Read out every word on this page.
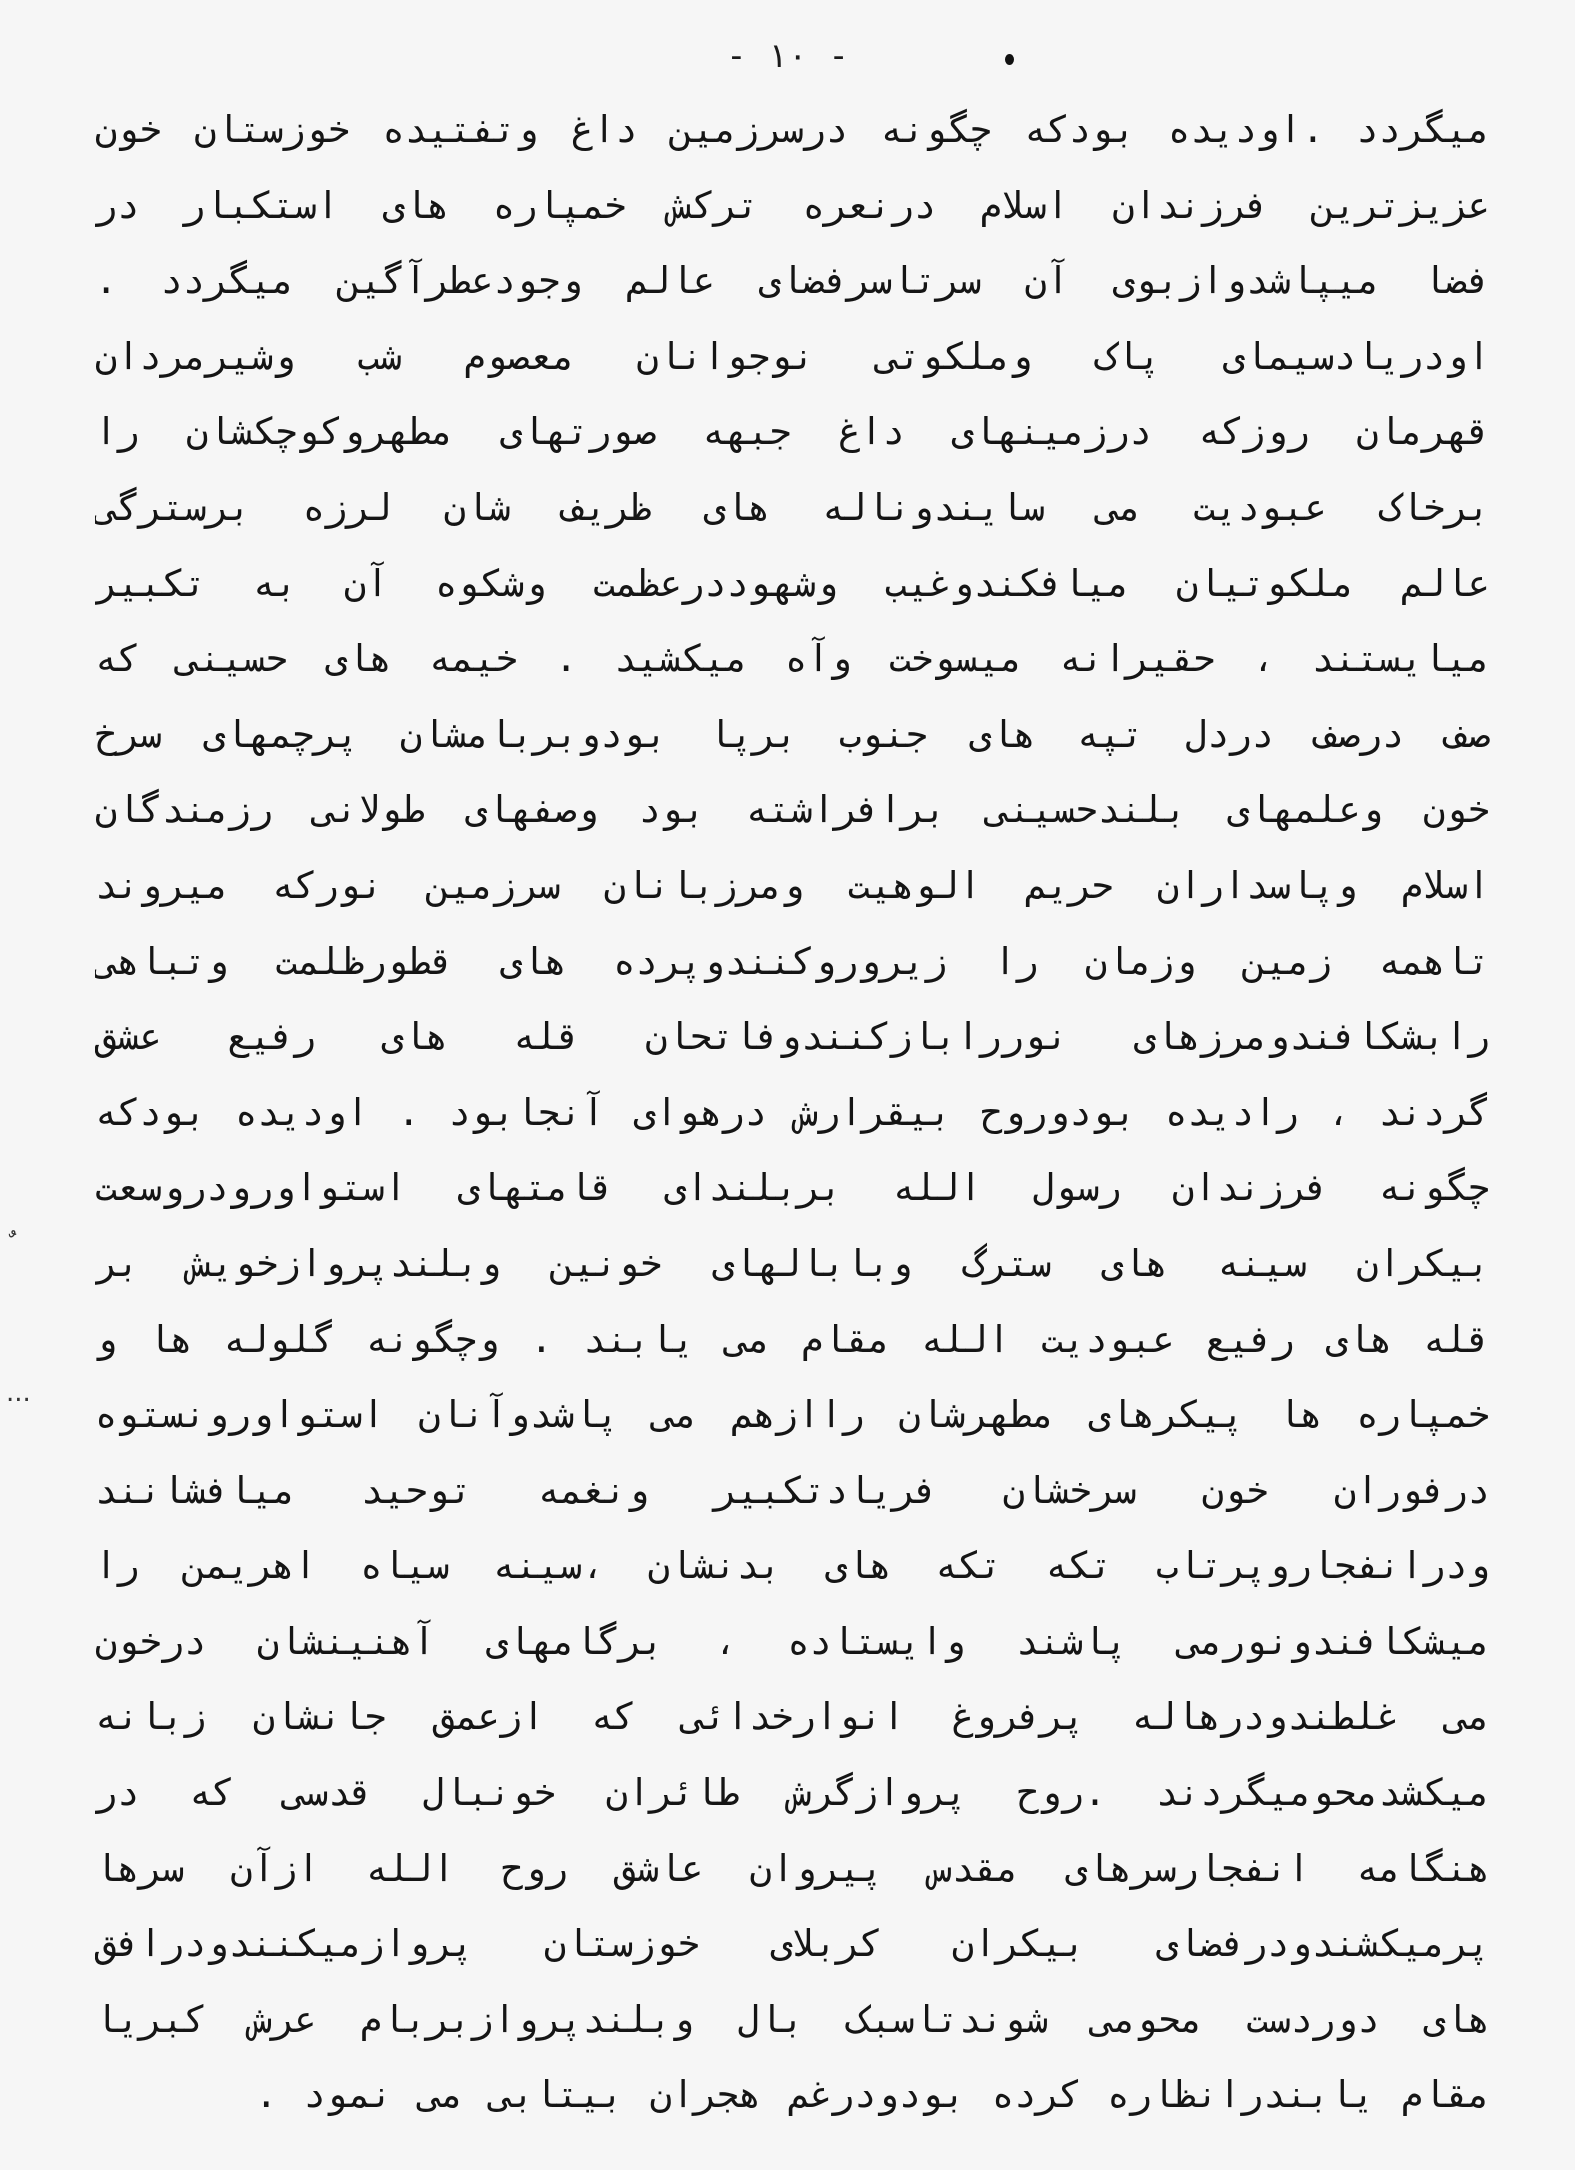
- ۱۰ -
...
میگردد .اودیده بودکه چگونه درسرزمین داغ وتفتیده خوزستان خون
عزیزترین فرزندان اسلام درنعره ترکش خمپاره های استکبار در
فضا میپاشدوازبوی آن سرتاسرفضای عالم وجودعطرآگین میگردد .
اودریادسیمای پاک وملکوتی نوجوانان معصوم شب وشیرمردان
قهرمان روزکه درزمینهای داغ جبهه صورتهای مطهروکوچکشان را
برخاک عبودیت می سایندوناله های ظریف شان لرزه برسترگی
عالم ملکوتیان میافکندوغیب وشهوددرعظمت وشکوه آن به تکبیر
میایستند ، حقیرانه میسوخت وآه میکشید . خیمه های حسینی که
صف درصف دردل تپه های جنوب برپا بودوبربامشان پرچمهای سرخ
خون وعلمهای بلندحسینی برافراشته بود وصفهای طولانی رزمندگان
اسلام وپاسداران حریم الوهیت ومرزبانان سرزمین نورکه میروند
تاهمه زمین وزمان را زیروروکنندوپرده های قطورظلمت وتباهی
رابشکافندومرزهای نوررابازکنندوفاتحان قله های رفیع عشق
گردند ، رادیده بودوروح بیقرارش درهوای آنجابود . اودیده بودکه
چگونه فرزندان رسول الله بربلندای قامتهای استواورودروسعت
بیکران سینه های سترگ وبابالهای خونین وبلندپروازخویش بر
قله های رفیع عبودیت الله مقام می یابند . وچگونه گلوله ها و
خمپاره ها پیکرهای مطهرشان راازهم می پاشدوآنان استواورونستوه
درفوران خون سرخشان فریادتکبیر ونغمه توحید میافشانند
ودرانفجاروپرتاب تکه تکه های بدنشان ،سینه سیاه اهریمن را
میشکافندونورمی پاشند وایستاده ، برگامهای آهنینشان درخون
می غلطندودرهاله پرفروغ انوارخدائی که ازعمق جانشان زبانه
میکشدمحومیگردند .روح پروازگرش طائران خونبال قدسی که در
هنگامه انفجارسرهای مقدس پیروان عاشق روح الله ازآن سرها
پرمیکشندودرفضای بیکران کربلای خوزستان پروازمیکنندودرافق
های دوردست محومی شوندتاسبک بال وبلندپروازبربام عرش کبریا
مقام یابندرانظاره کرده بودودرغم هجران بیتابی می نمود .
